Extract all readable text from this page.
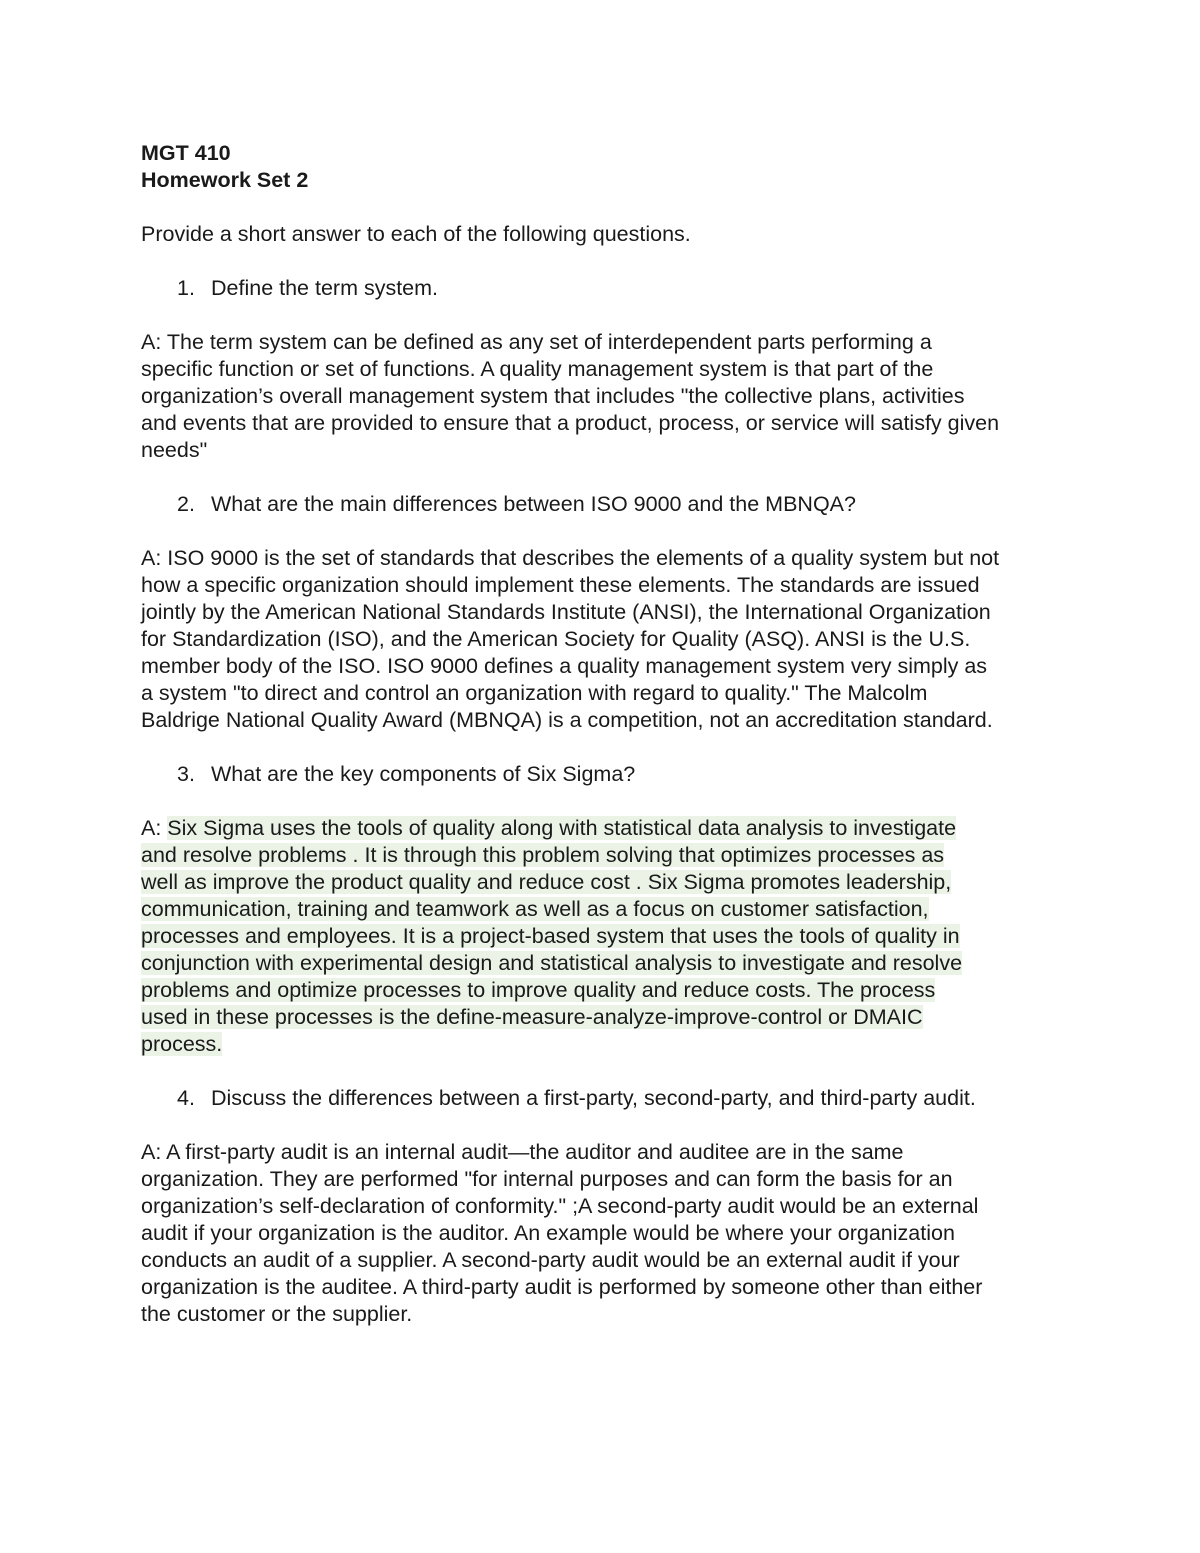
MGT 410

Homework Set 2

Provide a short answer to each of the following questions.

1. Define the term system.
A: The term system can be defined as any set of interdependent parts performing a
specific function or set of functions. A quality management system is that part of the
organization’s overall management system that includes "the collective plans, activities
and events that are provided to ensure that a product, process, or service will satisfy given
needs"
2. What are the main differences between ISO 9000 and the MBNQA?
A: ISO 9000 is the set of standards that describes the elements of a quality system but not
how a specific organization should implement these elements. The standards are issued
jointly by the American National Standards Institute (ANSI), the International Organization
for Standardization (ISO), and the American Society for Quality (ASQ). ANSI is the U.S.
member body of the ISO. ISO 9000 defines a quality management system very simply as
a system "to direct and control an organization with regard to quality." The Malcolm
Baldrige National Quality Award (MBNQA) is a competition, not an accreditation standard.
3. What are the key components of Six Sigma?
A: Six Sigma uses the tools of quality along with statistical data analysis to investigate
and resolve problems . It is through this problem solving that optimizes processes as
well as improve the product quality and reduce cost . Six Sigma promotes leadership,
communication, training and teamwork as well as a focus on customer satisfaction,
processes and employees. It is a project-based system that uses the tools of quality in
conjunction with experimental design and statistical analysis to investigate and resolve
problems and optimize processes to improve quality and reduce costs. The process
used in these processes is the define-measure-analyze-improve-control or DMAIC
process.
4. Discuss the differences between a first-party, second-party, and third-party audit.
A: A first-party audit is an internal audit—the auditor and auditee are in the same
organization. They are performed "for internal purposes and can form the basis for an
organization’s self-declaration of conformity." ;A second-party audit would be an external
audit if your organization is the auditor. An example would be where your organization
conducts an audit of a supplier. A second-party audit would be an external audit if your
organization is the auditee. A third-party audit is performed by someone other than either
the customer or the supplier.
